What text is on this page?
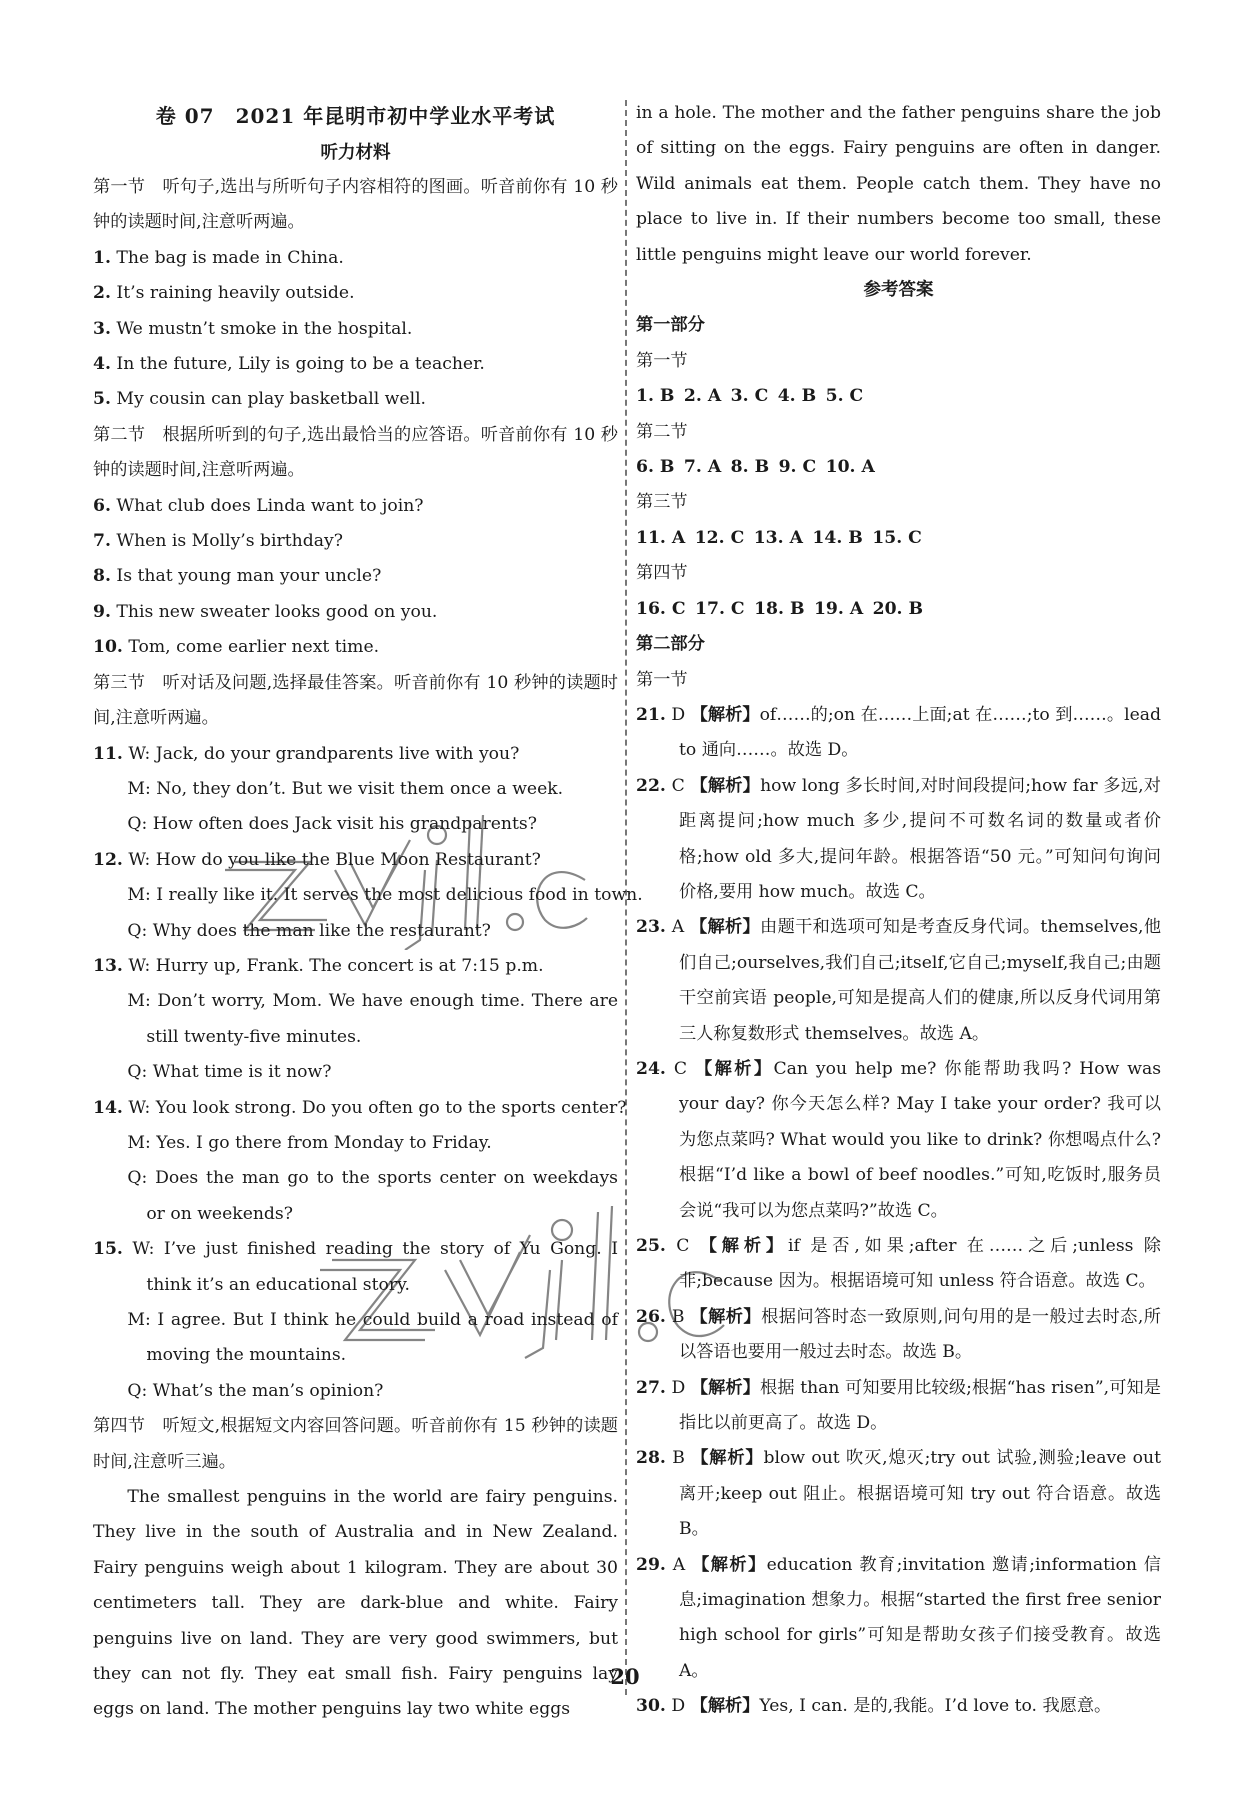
卷 07　2021 年昆明市初中学业水平考试
听力材料
第一节　听句子,选出与所听句子内容相符的图画。听音前你有 10 秒钟的读题时间,注意听两遍。
1. The bag is made in China.
2. It’s raining heavily outside.
3. We mustn’t smoke in the hospital.
4. In the future, Lily is going to be a teacher.
5. My cousin can play basketball well.
第二节　根据所听到的句子,选出最恰当的应答语。听音前你有 10 秒钟的读题时间,注意听两遍。
6. What club does Linda want to join?
7. When is Molly’s birthday?
8. Is that young man your uncle?
9. This new sweater looks good on you.
10. Tom, come earlier next time.
第三节　听对话及问题,选择最佳答案。听音前你有 10 秒钟的读题时间,注意听两遍。
11. W: Jack, do your grandparents live with you?
M: No, they don’t. But we visit them once a week.
Q: How often does Jack visit his grandparents?
12. W: How do you like the Blue Moon Restaurant?
M: I really like it. It serves the most delicious food in town.
Q: Why does the man like the restaurant?
13. W: Hurry up, Frank. The concert is at 7:15 p.m.
M: Don’t worry, Mom. We have enough time. There are still twenty-five minutes.
Q: What time is it now?
14. W: You look strong. Do you often go to the sports center?
M: Yes. I go there from Monday to Friday.
Q: Does the man go to the sports center on weekdays or on weekends?
15. W: I’ve just finished reading the story of Yu Gong. I think it’s an educational story.
M: I agree. But I think he could build a road instead of moving the mountains.
Q: What’s the man’s opinion?
第四节　听短文,根据短文内容回答问题。听音前你有 15 秒钟的读题时间,注意听三遍。
The smallest penguins in the world are fairy penguins. They live in the south of Australia and in New Zealand. Fairy penguins weigh about 1 kilogram. They are about 30 centimeters tall. They are dark-blue and white. Fairy penguins live on land. They are very good swimmers, but they can not fly. They eat small fish. Fairy penguins lay eggs on land. The mother penguins lay two white eggs
in a hole. The mother and the father penguins share the job of sitting on the eggs. Fairy penguins are often in danger. Wild animals eat them. People catch them. They have no place to live in. If their numbers become too small, these little penguins might leave our world forever.
参考答案
第一部分
第一节
1. B 2. A 3. C 4. B 5. C
第二节
6. B 7. A 8. B 9. C 10. A
第三节
11. A 12. C 13. A 14. B 15. C
第四节
16. C 17. C 18. B 19. A 20. B
第二部分
第一节
21. D 【解析】of……的;on 在……上面;at 在……;to 到……。lead to 通向……。故选 D。
22. C 【解析】how long 多长时间,对时间段提问;how far 多远,对距离提问;how much 多少,提问不可数名词的数量或者价格;how old 多大,提问年龄。根据答语“50 元。”可知问句询问价格,要用 how much。故选 C。
23. A 【解析】由题干和选项可知是考查反身代词。themselves,他们自己;ourselves,我们自己;itself,它自己;myself,我自己;由题干空前宾语 people,可知是提高人们的健康,所以反身代词用第三人称复数形式 themselves。故选 A。
24. C 【解析】Can you help me? 你能帮助我吗? How was your day? 你今天怎么样? May I take your order? 我可以为您点菜吗? What would you like to drink? 你想喝点什么? 根据“I’d like a bowl of beef noodles.”可知,吃饭时,服务员会说“我可以为您点菜吗?”故选 C。
25. C 【解析】if 是否,如果;after 在……之后;unless 除非;because 因为。根据语境可知 unless 符合语意。故选 C。
26. B 【解析】根据问答时态一致原则,问句用的是一般过去时态,所以答语也要用一般过去时态。故选 B。
27. D 【解析】根据 than 可知要用比较级;根据“has risen”,可知是指比以前更高了。故选 D。
28. B 【解析】blow out 吹灭,熄灭;try out 试验,测验;leave out 离开;keep out 阻止。根据语境可知 try out 符合语意。故选 B。
29. A 【解析】education 教育;invitation 邀请;information 信息;imagination 想象力。根据“started the first free senior high school for girls”可知是帮助女孩子们接受教育。故选 A。
30. D 【解析】Yes, I can. 是的,我能。I’d love to. 我愿意。
20
